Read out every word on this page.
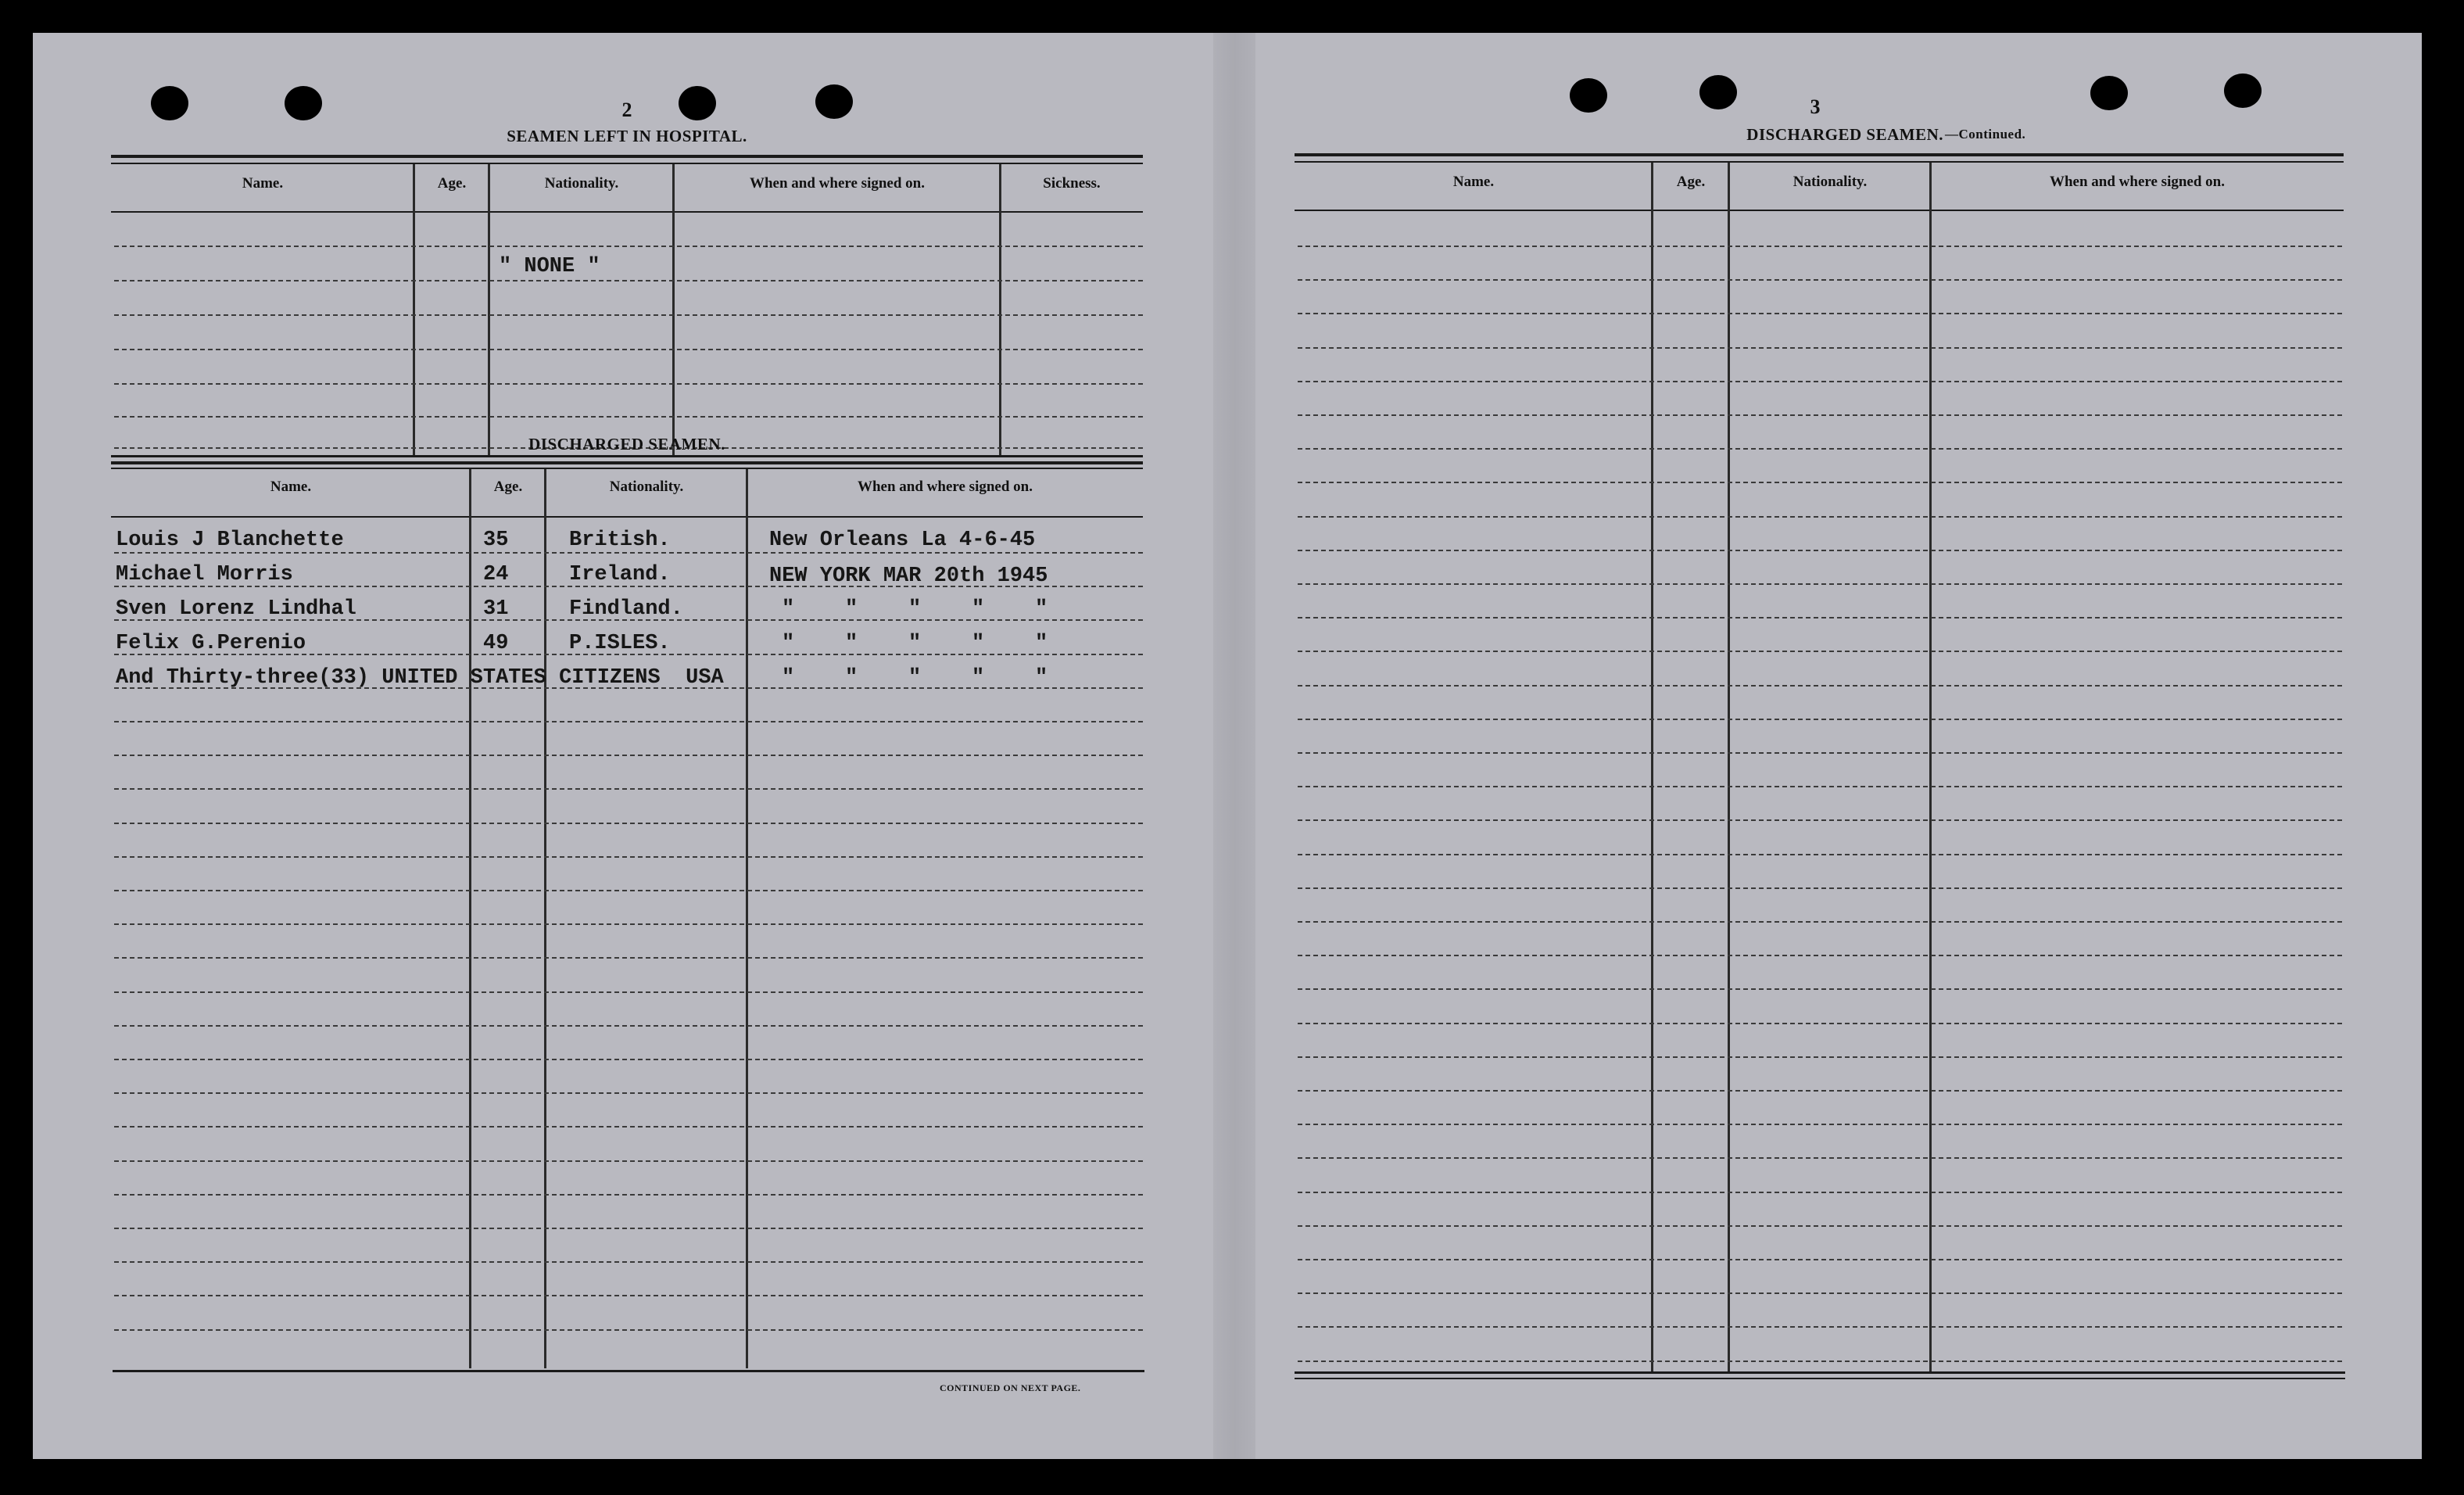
2
SEAMEN LEFT IN HOSPITAL.
Name.	Age.	Nationality.	When and where signed on.	Sickness.
" NONE "
DISCHARGED SEAMEN.
Name.	Age.	Nationality.	When and where signed on.
Louis J Blanchette	35	British.	New Orleans La 4-6-45
Michael Morris	24	Ireland.	NEW YORK MAR 20th 1945
Sven Lorenz Lindhal	31	Findland.	"    "    "    "    "
Felix G.Perenio	49	P.ISLES.	"    "    "    "    "
And Thirty-three(33) UNITED STATES CITIZENS  USA	"    "    "    "    "
CONTINUED ON NEXT PAGE.
3
DISCHARGED SEAMEN. —Continued.
Name.	Age.	Nationality.	When and where signed on.
